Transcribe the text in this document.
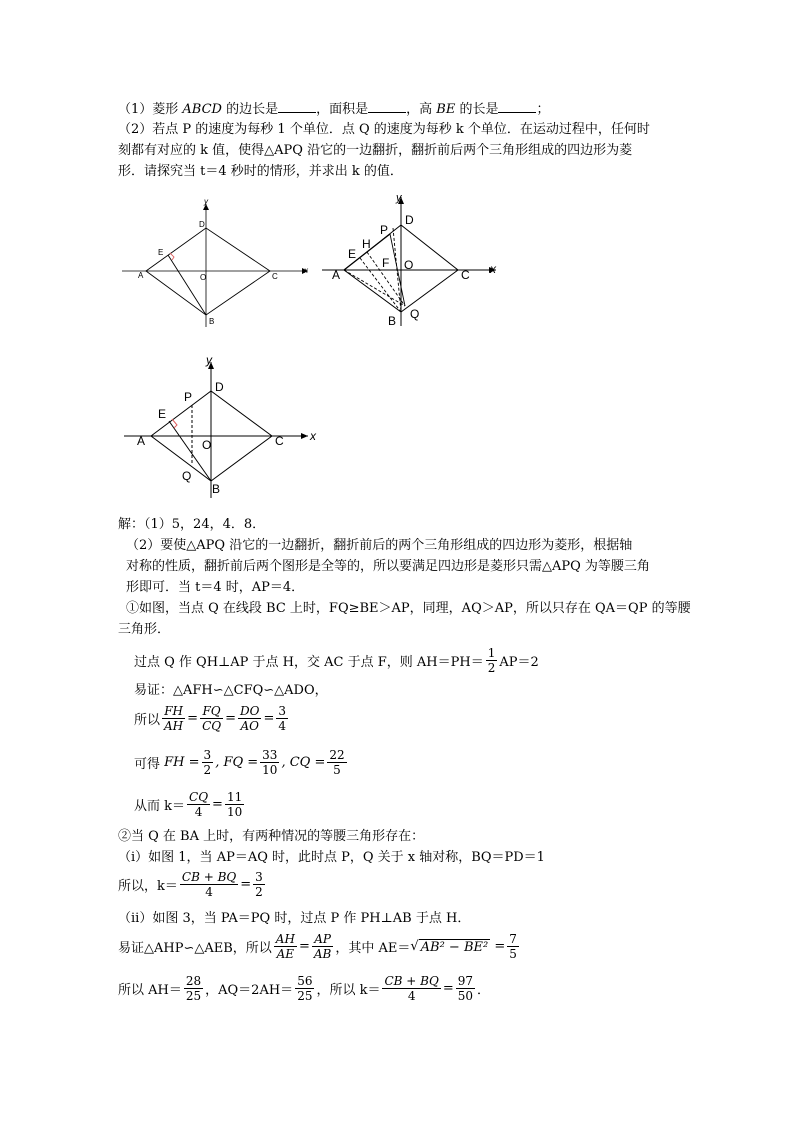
（1）菱形 ABCD 的边长是	，面积是	，高 BE 的长是	；
（2）若点 P 的速度为每秒 1 个单位．点 Q 的速度为每秒 k 个单位．在运动过程中，任何时
刻都有对应的 k 值，使得△APQ 沿它的一边翻折，翻折前后两个三角形组成的四边形为菱
形．请探究当 t＝4 秒时的情形，并求出 k 的值．
A
B
C
D
E
O
y
x A
B
C
D
E
H
P
F O
Q
y
x
A
B
C
D
E
P
O
Q
y
x
解：（1）5，24，4．8．
（2）要使△APQ 沿它的一边翻折，翻折前后的两个三角形组成的四边形为菱形，根据轴
对称的性质，翻折前后两个图形是全等的，所以要满足四边形是菱形只需△APQ 为等腰三角
形即可．当 t＝4 时，AP＝4．
①如图，当点 Q 在线段 BC 上时，FQ≥BE＞AP，同理，AQ＞AP，所以只存在 QA＝QP 的等腰
三角形．
过点 Q 作 QH⊥AP 于点 H，交 AC 于点 F，则 $AH=PH= \frac{1}{2} AP=2$
易证：△AFH∽△CFQ∽△ADO，
所以 $\frac{FH}{AH} = \frac{FQ}{CQ} = \frac{DO}{AO} = \frac{3}{4}$
可得
FH = $\frac{3}{2}$ , FQ = $\frac{33}{10}$ , CQ = $\frac{22}{5}$
从而 $k= \frac{CQ}{4} = \frac{11}{10}$
②当 Q 在 BA 上时，有两种情况的等腰三角形存在：
（i）如图 1，当 AP＝AQ 时，此时点 P，Q 关于 x 轴对称，BQ＝PD＝1
所以，$k= \frac{CB + BQ}{4} = \frac{3}{2}$
（ii）如图 3，当 PA＝PQ 时，过点 P 作 PH⊥AB 于点 H．
易证△AHP∽△AEB，所以 $\frac{AH}{AE} = \frac{AP}{AB}$ ，其中 AE＝ √ $AB^2 - BE^2 = \frac{7}{5}$
所以 $AH= \frac{28}{25}$ ，$AQ=2AH= \frac{56}{25}$ ，所以 $k= \frac{CB + BQ}{4} = \frac{97}{50}$ ．
